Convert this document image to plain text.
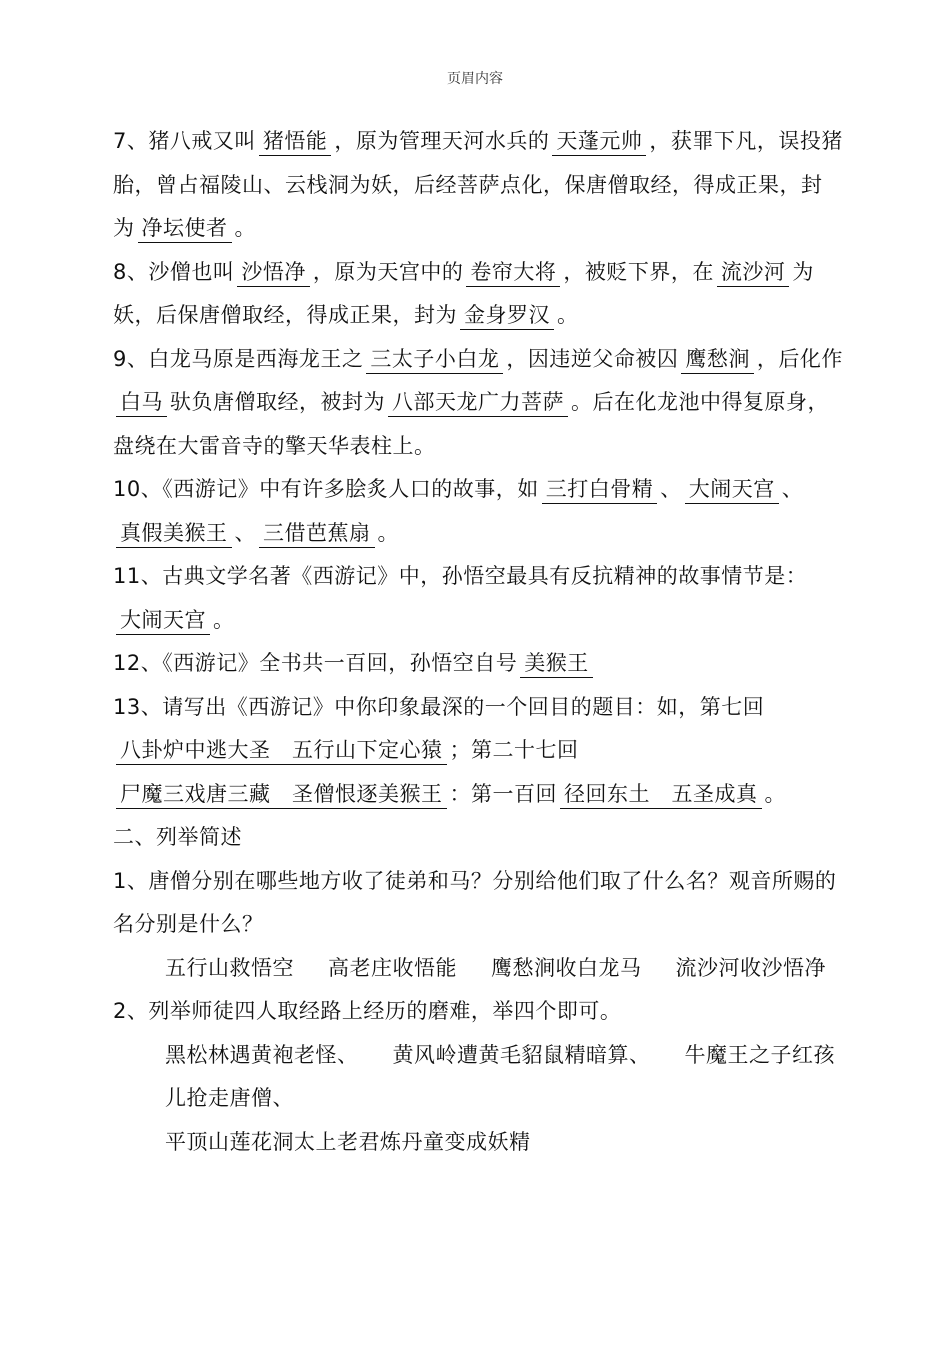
页眉内容

7、猪八戒又叫 猪悟能 ，原为管理天河水兵的 天蓬元帅 ，获罪下凡，误投猪胎，曾占福陵山、云栈洞为妖，后经菩萨点化，保唐僧取经，得成正果，封为 净坛使者 。

8、沙僧也叫 沙悟净 ，原为天宫中的 卷帘大将 ，被贬下界，在 流沙河 为妖，后保唐僧取经，得成正果，封为 金身罗汉 。

9、白龙马原是西海龙王之 三太子小白龙 ，因违逆父命被囚 鹰愁涧 ，后化作白马 驮负唐僧取经，被封为 八部天龙广力菩萨 。后在化龙池中得复原身，盘绕在大雷音寺的擎天华表柱上。

10、《西游记》中有许多脍炙人口的故事，如 三打白骨精 、 大闹天宫 、真假美猴王 、 三借芭蕉扇 。

11、古典文学名著《西游记》中，孙悟空最具有反抗精神的故事情节是：大闹天宫 。

12、《西游记》全书共一百回，孙悟空自号 美猴王

13、请写出《西游记》中你印象最深的一个回目的题目：如，第七回八卦炉中逃大圣　五行山下定心猿 ；第二十七回尸魔三戏唐三藏　圣僧恨逐美猴王 ：第一百回 径回东土　五圣成真 。

二、列举简述

1、唐僧分别在哪些地方收了徒弟和马？分别给他们取了什么名？观音所赐的名分别是什么？

五行山救悟空 高老庄收悟能 鹰愁涧收白龙马 流沙河收沙悟净

2、列举师徒四人取经路上经历的磨难，举四个即可。

黑松林遇黄袍老怪、 黄风岭遭黄毛貂鼠精暗算、 牛魔王之子红孩儿抢走唐僧、

平顶山莲花洞太上老君炼丹童变成妖精
